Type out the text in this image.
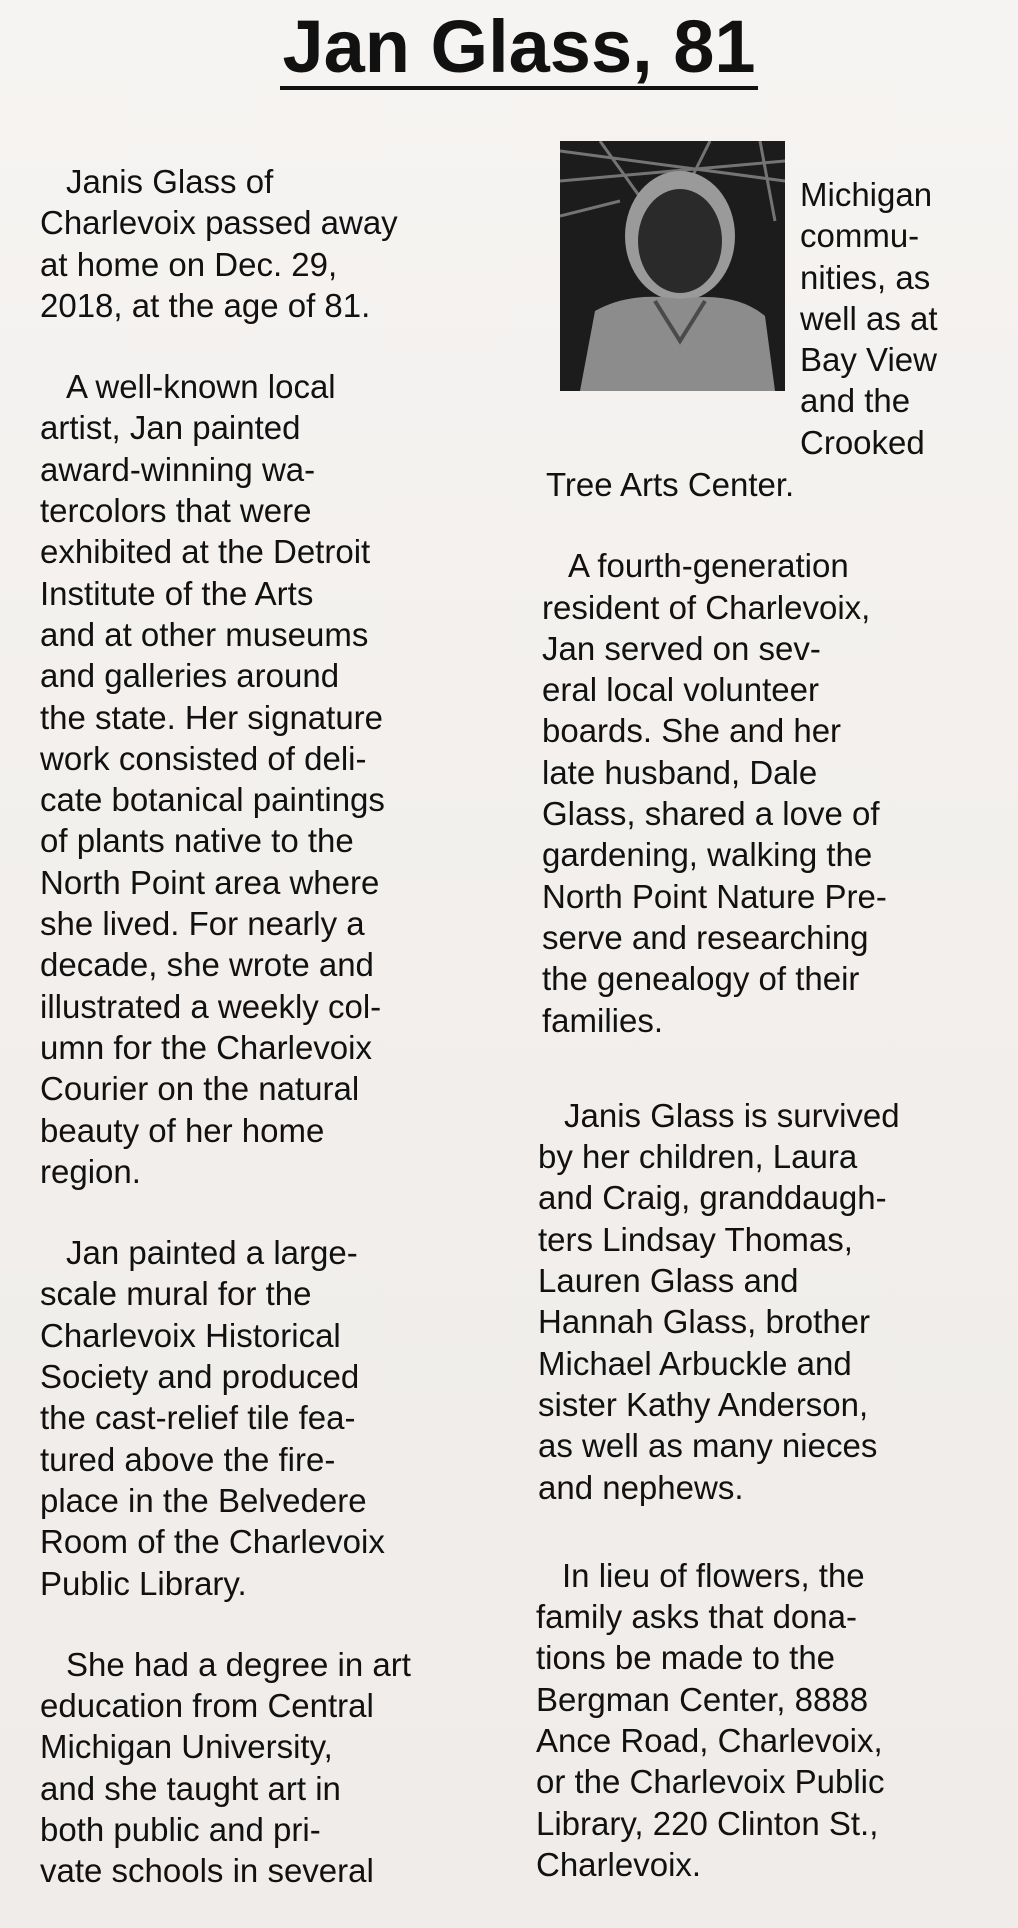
Jan Glass, 81

Janis Glass of
Charlevoix passed away
at home on Dec. 29,
2018, at the age of 81.

A well-known local
artist, Jan painted
award-winning wa-
tercolors that were
exhibited at the Detroit
Institute of the Arts
and at other museums
and galleries around
the state. Her signature
work consisted of deli-
cate botanical paintings
of plants native to the
North Point area where
she lived. For nearly a
decade, she wrote and
illustrated a weekly col-
umn for the Charlevoix
Courier on the natural
beauty of her home
region.

Jan painted a large-
scale mural for the
Charlevoix Historical
Society and produced
the cast-relief tile fea-
tured above the fire-
place in the Belvedere
Room of the Charlevoix
Public Library.

She had a degree in art
education from Central
Michigan University,
and she taught art in
both public and pri-
vate schools in several

Michigan
commu-
nities, as
well as at
Bay View
and the
Crooked

Tree Arts Center.

A fourth-generation
resident of Charlevoix,
Jan served on sev-
eral local volunteer
boards. She and her
late husband, Dale
Glass, shared a love of
gardening, walking the
North Point Nature Pre-
serve and researching
the genealogy of their
families.

Janis Glass is survived
by her children, Laura
and Craig, granddaugh-
ters Lindsay Thomas,
Lauren Glass and
Hannah Glass, brother
Michael Arbuckle and
sister Kathy Anderson,
as well as many nieces
and nephews.

In lieu of flowers, the
family asks that dona-
tions be made to the
Bergman Center, 8888
Ance Road, Charlevoix,
or the Charlevoix Public
Library, 220 Clinton St.,
Charlevoix.
